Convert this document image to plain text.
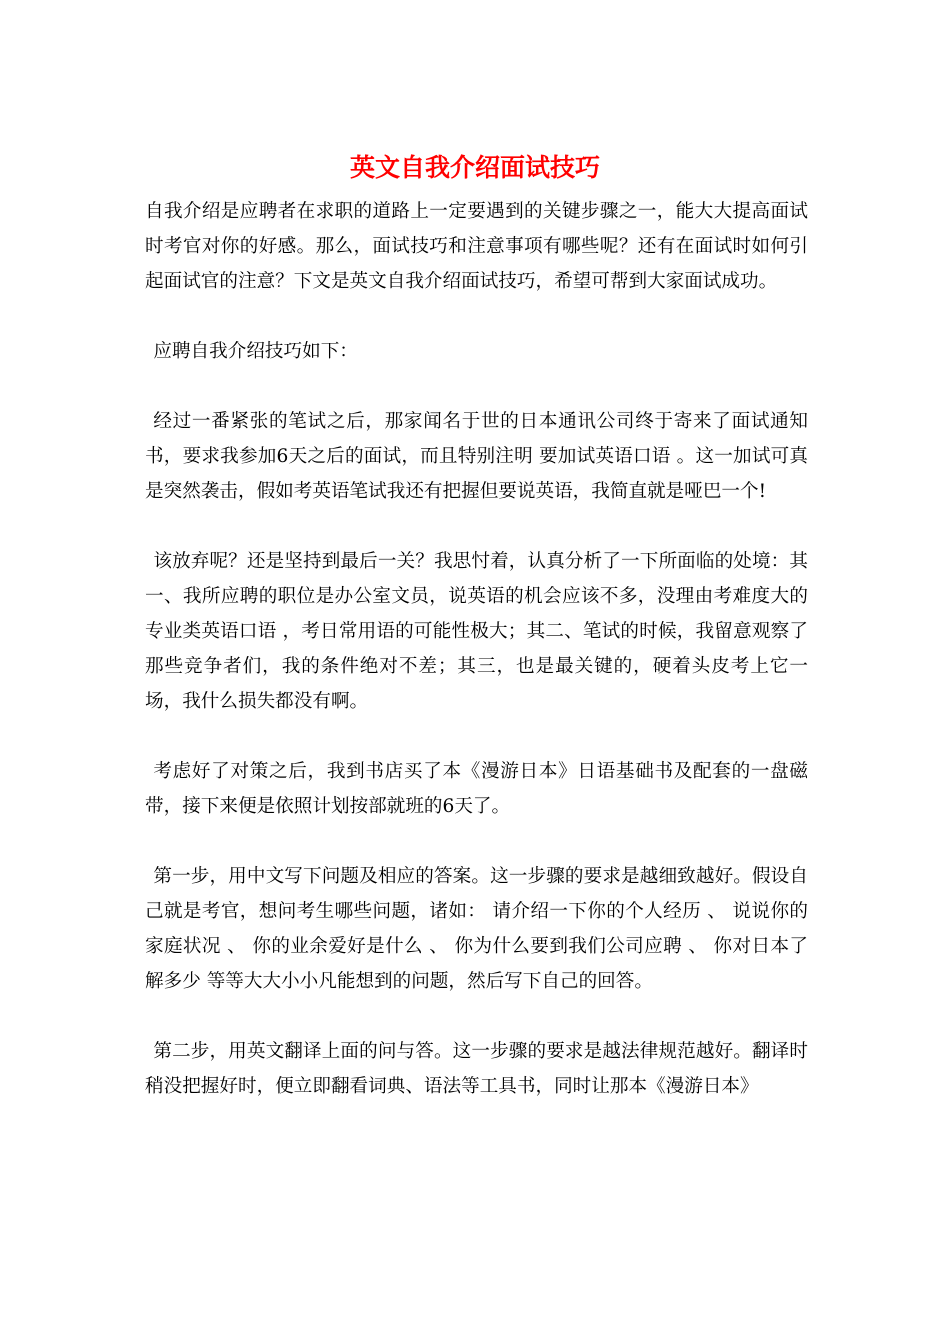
英文自我介绍面试技巧

自我介绍是应聘者在求职的道路上一定要遇到的关键步骤之一，能大大提高面试时考官对你的好感。那么，面试技巧和注意事项有哪些呢？还有在面试时如何引起面试官的注意？下文是英文自我介绍面试技巧，希望可帮到大家面试成功。

应聘自我介绍技巧如下：

经过一番紧张的笔试之后，那家闻名于世的日本通讯公司终于寄来了面试通知书，要求我参加6天之后的面试，而且特别注明 要加试英语口语 。这一加试可真是突然袭击，假如考英语笔试我还有把握但要说英语，我简直就是哑巴一个!

该放弃呢？还是坚持到最后一关？我思忖着，认真分析了一下所面临的处境：其一、我所应聘的职位是办公室文员，说英语的机会应该不多，没理由考难度大的专业类英语口语 ，考日常用语的可能性极大；其二、笔试的时候，我留意观察了那些竞争者们，我的条件绝对不差；其三，也是最关键的，硬着头皮考上它一场，我什么损失都没有啊。

考虑好了对策之后，我到书店买了本《漫游日本》日语基础书及配套的一盘磁带，接下来便是依照计划按部就班的6天了。

第一步，用中文写下问题及相应的答案。这一步骤的要求是越细致越好。假设自己就是考官，想问考生哪些问题，诸如： 请介绍一下你的个人经历 、 说说你的家庭状况 、 你的业余爱好是什么 、 你为什么要到我们公司应聘 、 你对日本了解多少 等等大大小小凡能想到的问题，然后写下自己的回答。

第二步，用英文翻译上面的问与答。这一步骤的要求是越法律规范越好。翻译时稍没把握好时，便立即翻看词典、语法等工具书，同时让那本《漫游日本》
